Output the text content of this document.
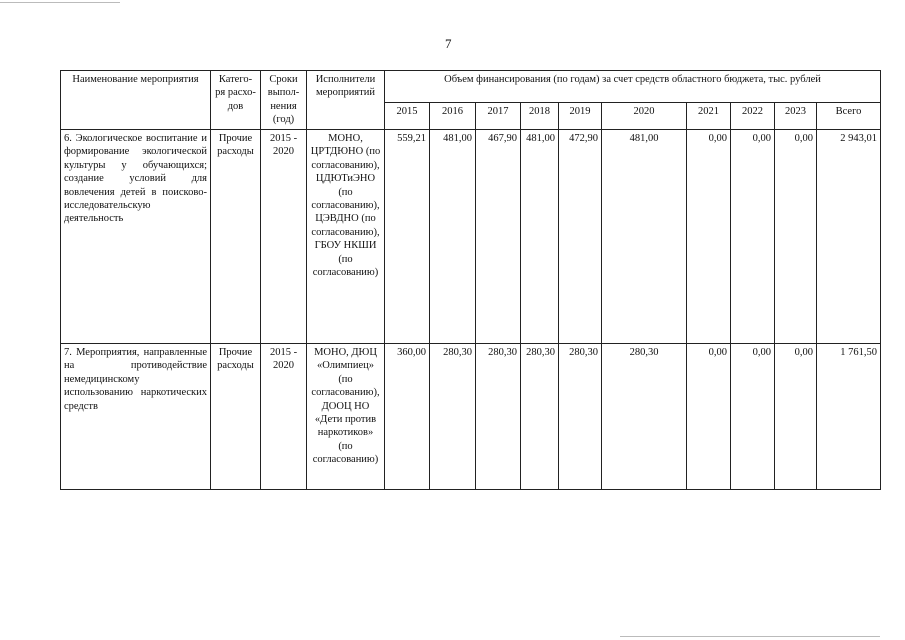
7
Наименование мероприятия	Катего-ря расхо-дов	Сроки выпол-нения (год)	Исполнители мероприятий	Объем финансирования (по годам) за счет средств областного бюджета, тыс. рублей									
				2015	2016	2017	2018	2019	2020	2021	2022	2023	Всего
6. Экологическое воспитание и формирование экологической культуры у обучающихся; создание условий для вовлечения детей в поисково-исследовательскую деятельность	Прочие расходы	2015 - 2020	МОНО, ЦРТДЮНО (по согласованию), ЦДЮТиЭНО (по согласованию), ЦЭВДНО (по согласованию), ГБОУ НКШИ (по согласованию)	559,21	481,00	467,90	481,00	472,90	481,00	0,00	0,00	0,00	2 943,01
7. Мероприятия, направленные на противодействие немедицинскому использованию наркотических средств	Прочие расходы	2015 - 2020	МОНО, ДЮЦ «Олимпиец» (по согласованию), ДООЦ НО «Дети против наркотиков» (по согласованию)	360,00	280,30	280,30	280,30	280,30	280,30	0,00	0,00	0,00	1 761,50
